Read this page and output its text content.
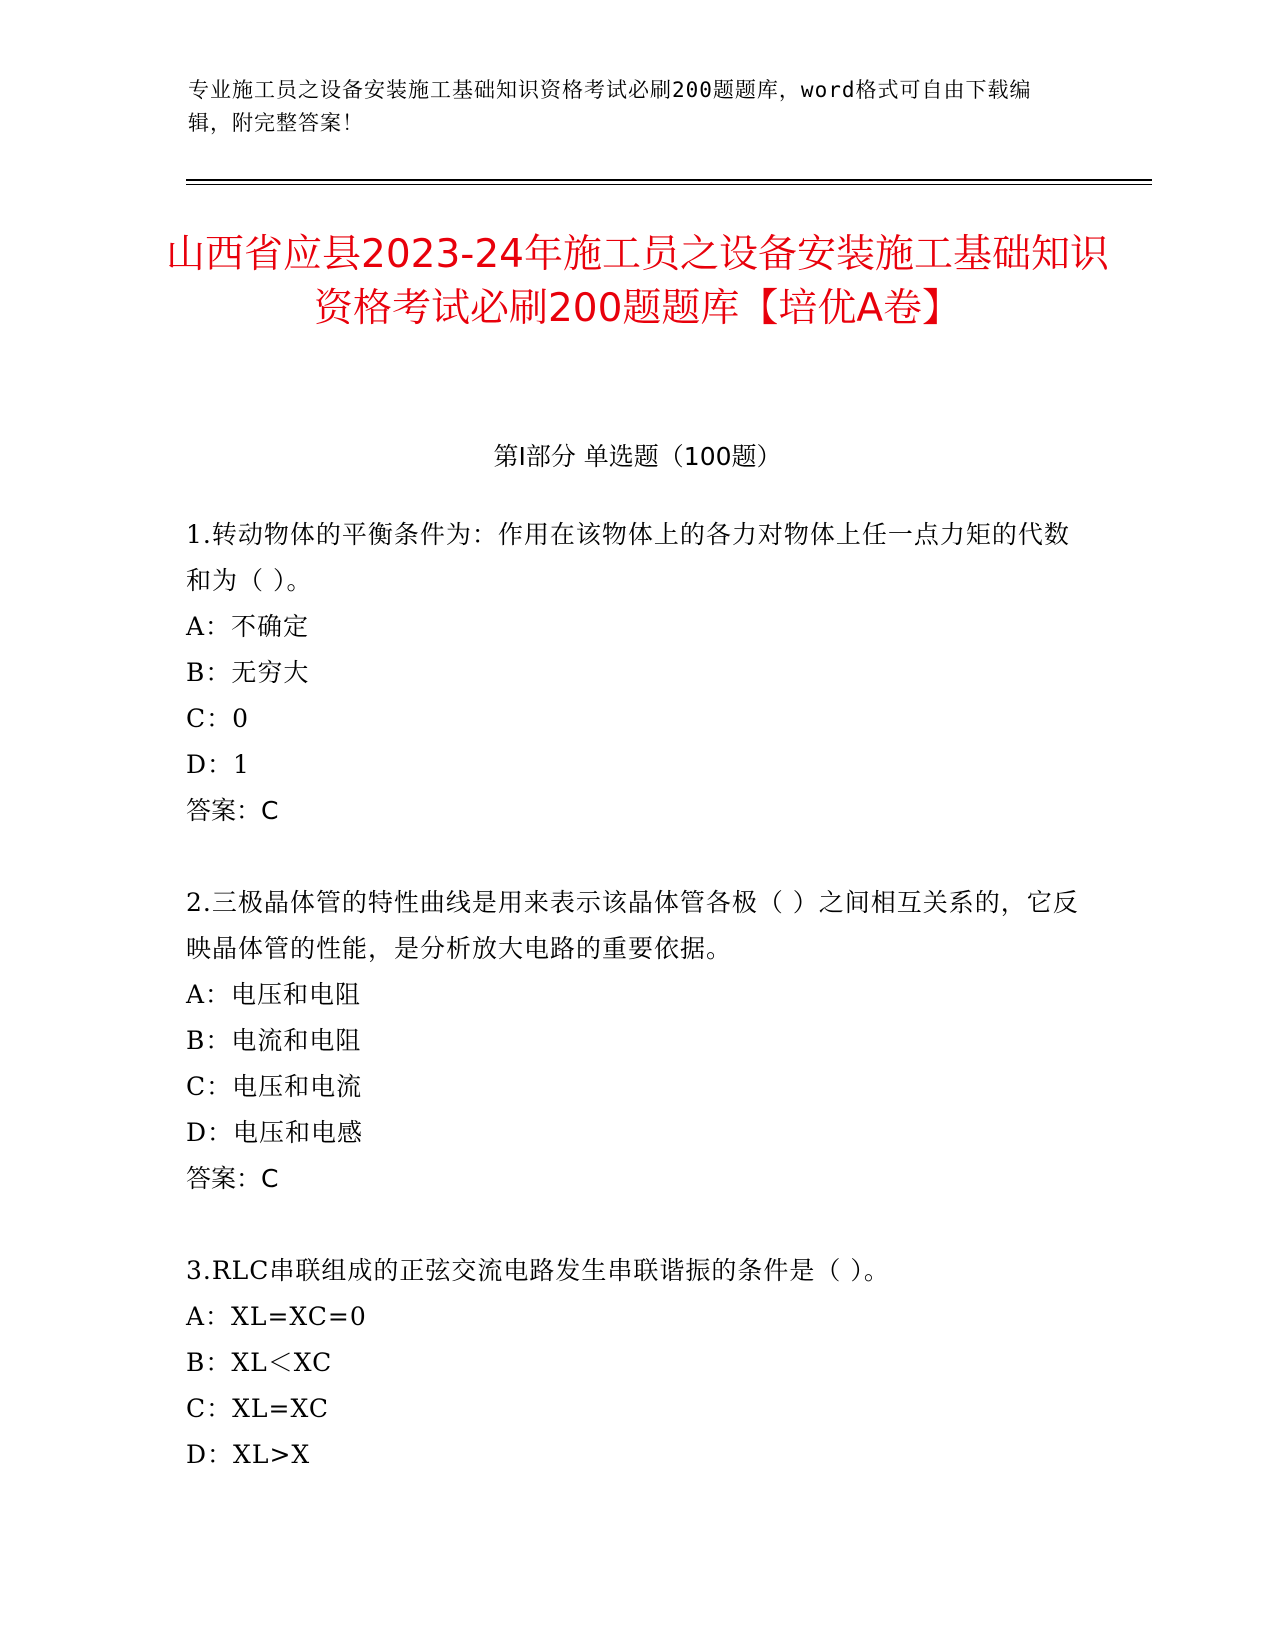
专业施工员之设备安装施工基础知识资格考试必刷200题题库，word格式可自由下载编辑，附完整答案！
山西省应县2023-24年施工员之设备安装施工基础知识资格考试必刷200题题库【培优A卷】
第I部分 单选题（100题）
1.转动物体的平衡条件为：作用在该物体上的各力对物体上任一点力矩的代数和为（ ）。
A：不确定
B：无穷大
C：0
D：1
答案：C
2.三极晶体管的特性曲线是用来表示该晶体管各极（ ）之间相互关系的，它反映晶体管的性能，是分析放大电路的重要依据。
A：电压和电阻
B：电流和电阻
C：电压和电流
D：电压和电感
答案：C
3.RLC串联组成的正弦交流电路发生串联谐振的条件是（ ）。
A：XL=XC=0
B：XL＜XC
C：XL=XC
D：XL>X
